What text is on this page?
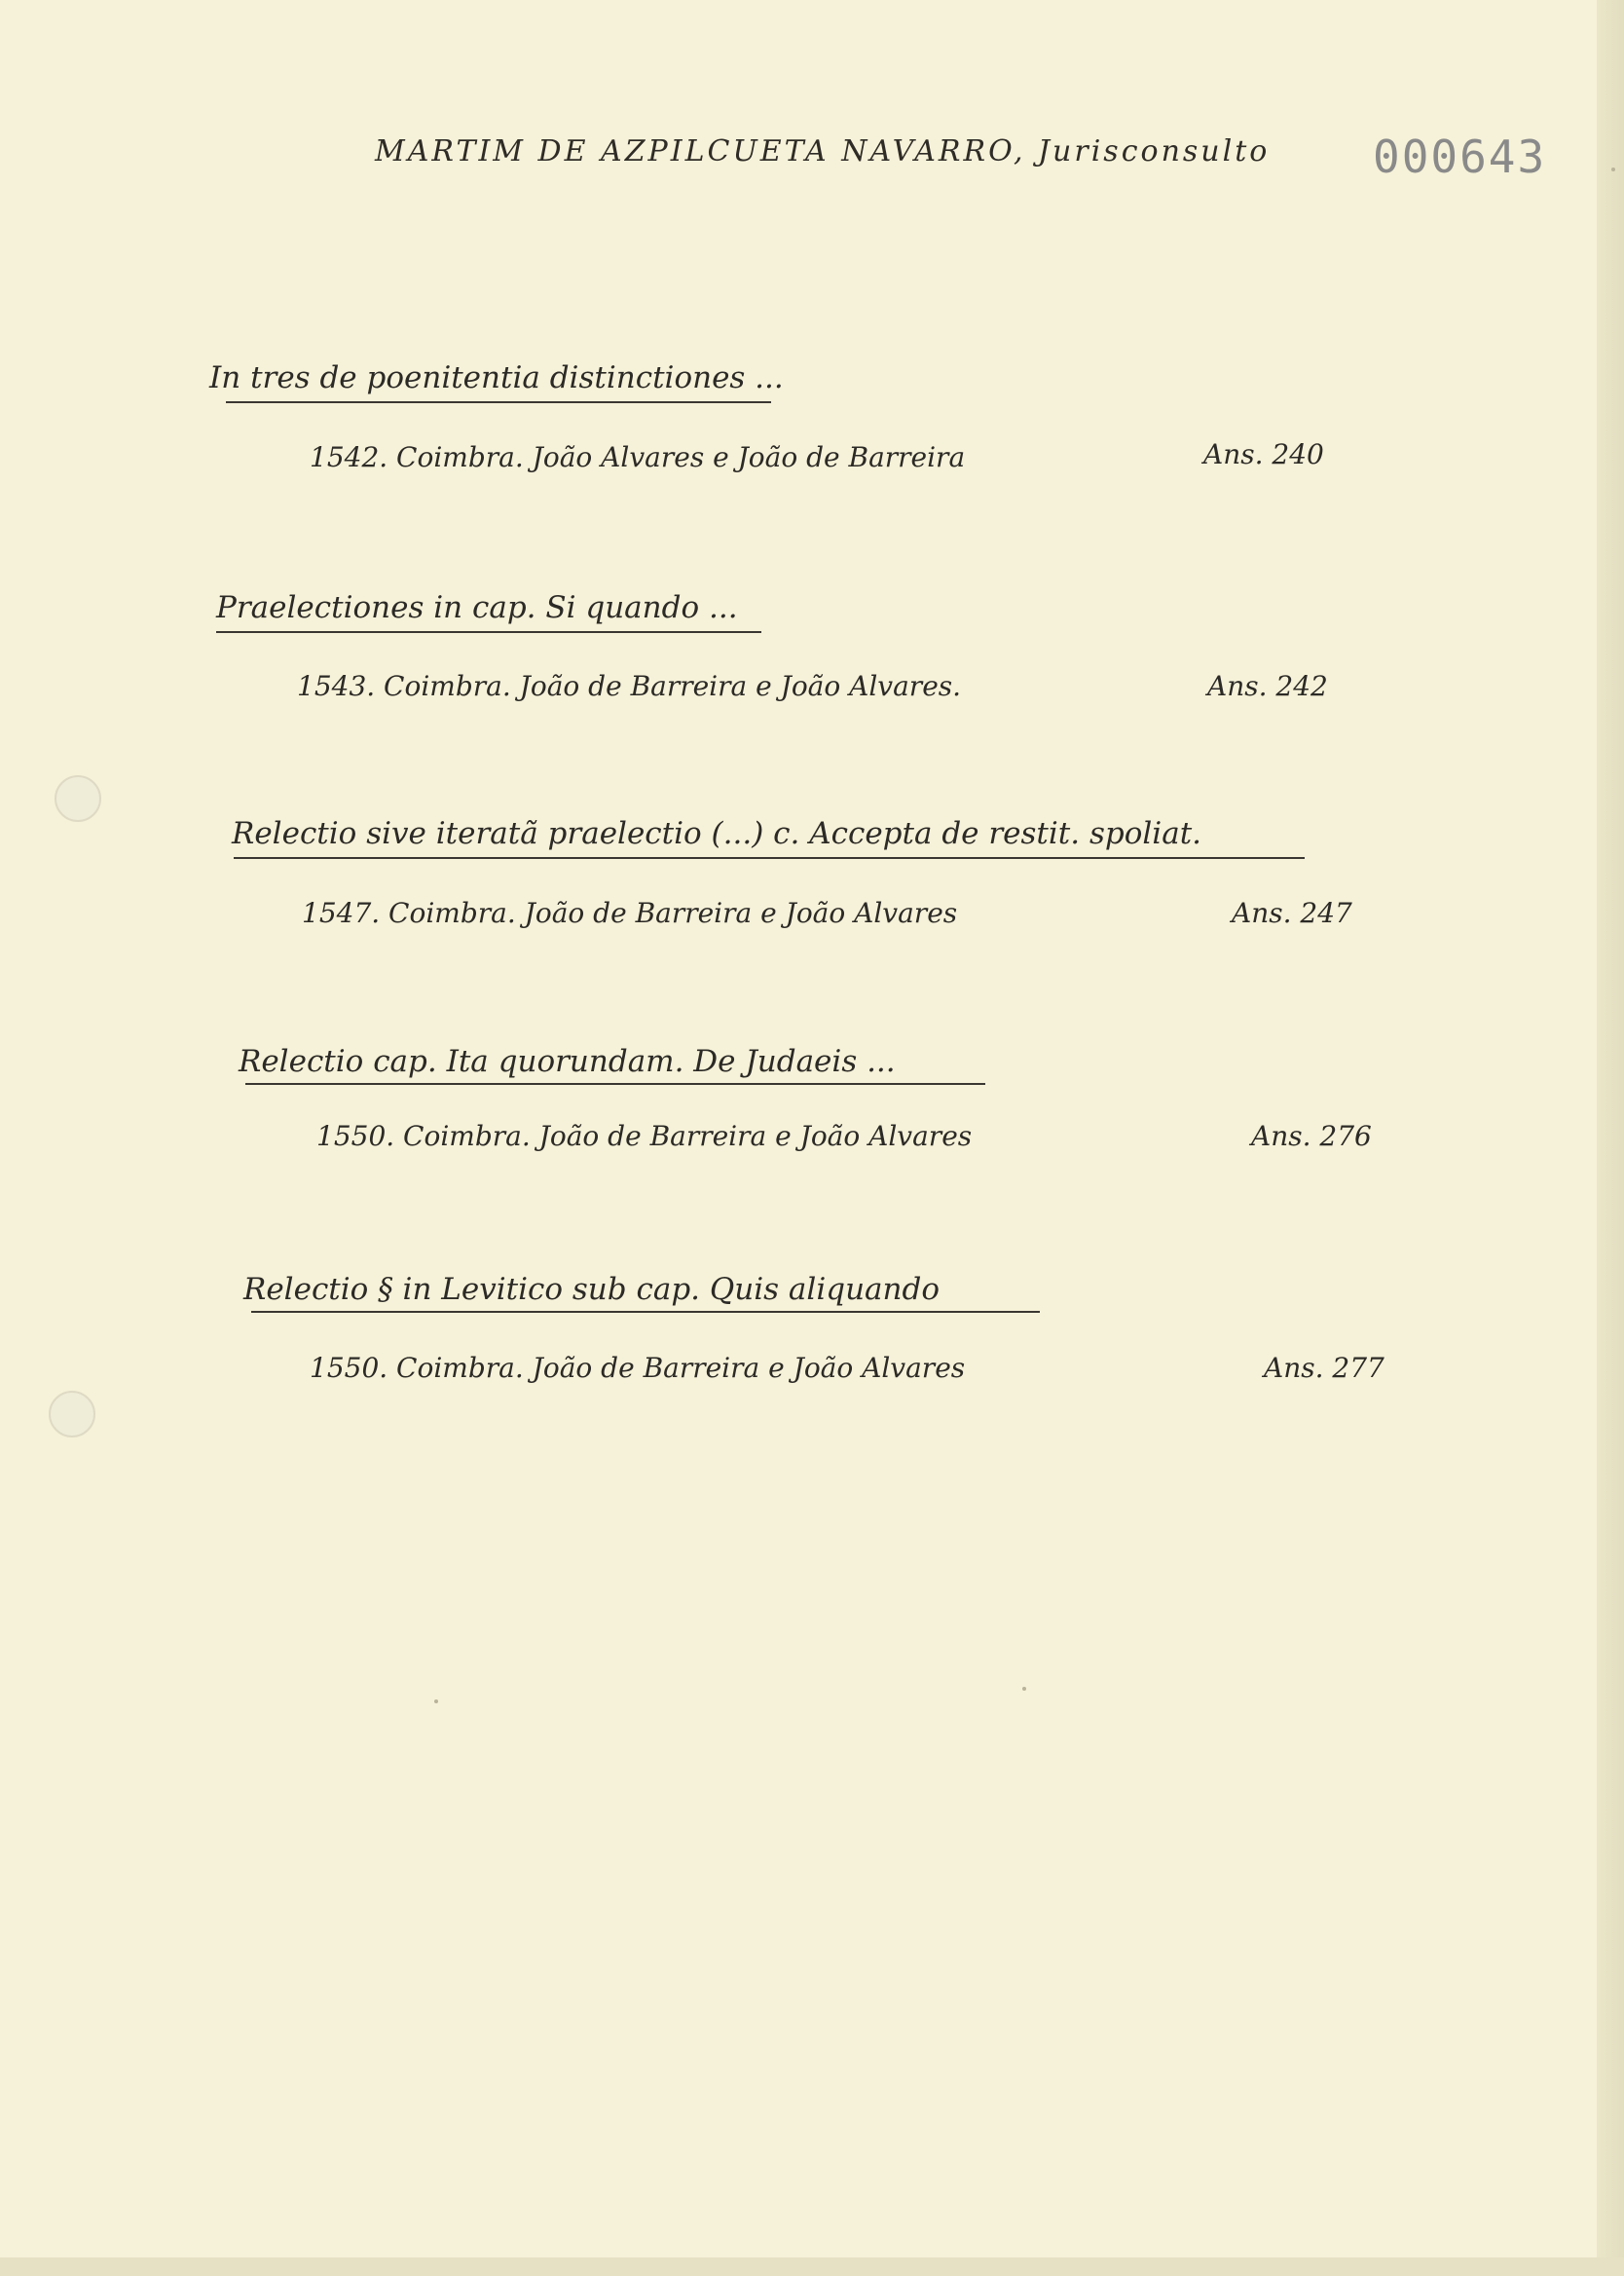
MARTIM DE AZPILCUETA NAVARRO, Jurisconsulto 000643
In tres de poenitentia distinctiones ...
1542. Coimbra. João Alvares e João de Barreira	Ans. 240
Praelectiones in cap. Si quando ...
1543. Coimbra. João de Barreira e João Alvares.	Ans. 242
Relectio sive iteratã praelectio (...) c. Accepta de restit. spoliat.
1547. Coimbra. João de Barreira e João Alvares	Ans. 247
Relectio cap. Ita quorundam. De Judaeis ...
1550. Coimbra. João de Barreira e João Alvares	Ans. 276
Relectio § in Levitico sub cap. Quis aliquando
1550. Coimbra. João de Barreira e João Alvares	Ans. 277
